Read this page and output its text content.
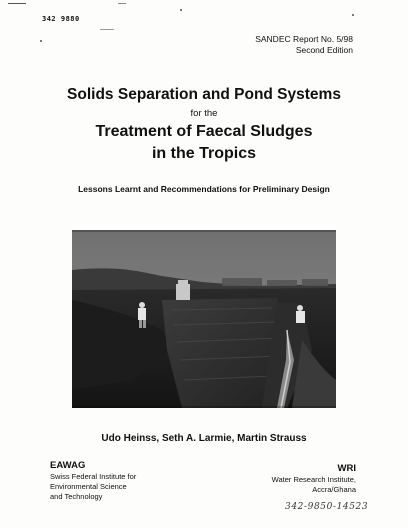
342 9880
SANDEC Report No. 5/98
Second Edition
Solids Separation and Pond Systems
for the
Treatment of Faecal Sludges
in the Tropics
Lessons Learnt and Recommendations for Preliminary Design
Udo Heinss, Seth A. Larmie, Martin Strauss
EAWAG
Swiss Federal Institute for
Environmental Science
and Technology
WRI
Water Research Institute,
Accra/Ghana
342-9850-14523
